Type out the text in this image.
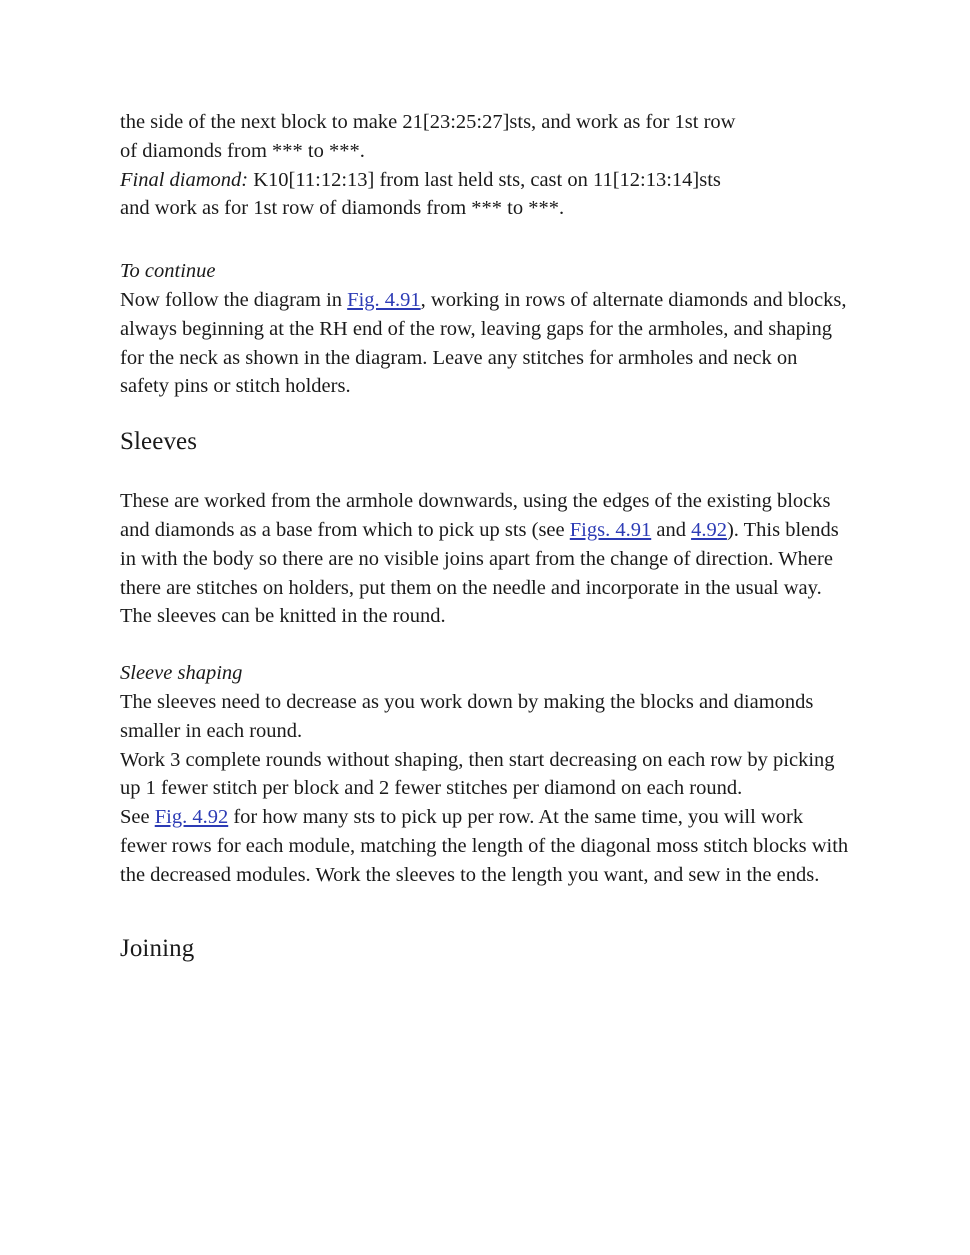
the side of the next block to make 21[23:25:27]sts, and work as for 1st row
of diamonds from *** to ***.

Final diamond: K10[11:12:13] from last held sts, cast on 11[12:13:14]sts
and work as for 1st row of diamonds from *** to ***.

To continue

Now follow the diagram in Fig. 4.91, working in rows of alternate diamonds and blocks, always beginning at the RH end of the row, leaving gaps for the armholes, and shaping for the neck as shown in the diagram. Leave any stitches for armholes and neck on safety pins or stitch holders.

Sleeves

These are worked from the armhole downwards, using the edges of the existing blocks and diamonds as a base from which to pick up sts (see Figs. 4.91 and 4.92). This blends in with the body so there are no visible joins apart from the change of direction. Where there are stitches on holders, put them on the needle and incorporate in the usual way. The sleeves can be knitted in the round.

Sleeve shaping

The sleeves need to decrease as you work down by making the blocks and diamonds smaller in each round.

Work 3 complete rounds without shaping, then start decreasing on each row by picking up 1 fewer stitch per block and 2 fewer stitches per diamond on each round.

See Fig. 4.92 for how many sts to pick up per row. At the same time, you will work fewer rows for each module, matching the length of the diagonal moss stitch blocks with the decreased modules. Work the sleeves to the length you want, and sew in the ends.

Joining
